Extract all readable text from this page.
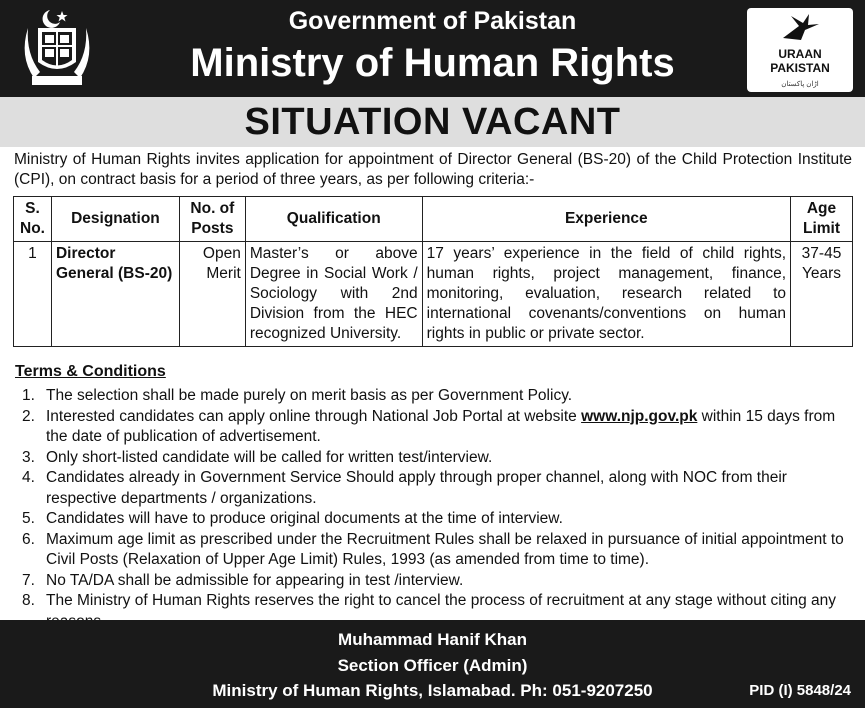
Government of Pakistan
Ministry of Human Rights	URAAN
PAKISTAN
اڑان پاکستان
SITUATION VACANT
Ministry of Human Rights invites application for appointment of Director General (BS-20) of the Child Protection Institute (CPI), on contract basis for a period of three years, as per following criteria:-
S. No.	Designation	No. of Posts	Qualification	Experience	Age Limit
1	Director General (BS-20)	Open Merit	Master’s or above Degree in Social Work / Sociology with 2nd Division from the HEC recognized University.	17 years’ experience in the field of child rights, human rights, project management, finance, monitoring, evaluation, research related to international covenants/conventions on human rights in public or private sector.	37-45 Years
Terms & Conditions
1. The selection shall be made purely on merit basis as per Government Policy.
2. Interested candidates can apply online through National Job Portal at website www.njp.gov.pk within 15 days from the date of publication of advertisement.
3. Only short-listed candidate will be called for written test/interview.
4. Candidates already in Government Service Should apply through proper channel, along with NOC from their respective departments / organizations.
5. Candidates will have to produce original documents at the time of interview.
6. Maximum age limit as prescribed under the Recruitment Rules shall be relaxed in pursuance of initial appointment to Civil Posts (Relaxation of Upper Age Limit) Rules, 1993 (as amended from time to time).
7. No TA/DA shall be admissible for appearing in test /interview.
8. The Ministry of Human Rights reserves the right to cancel the process of recruitment at any stage without citing any
Muhammad Hanif Khan
Section Officer (Admin)
Ministry of Human Rights, Islamabad. Ph: 051-9207250	PID (I) 5848/24
